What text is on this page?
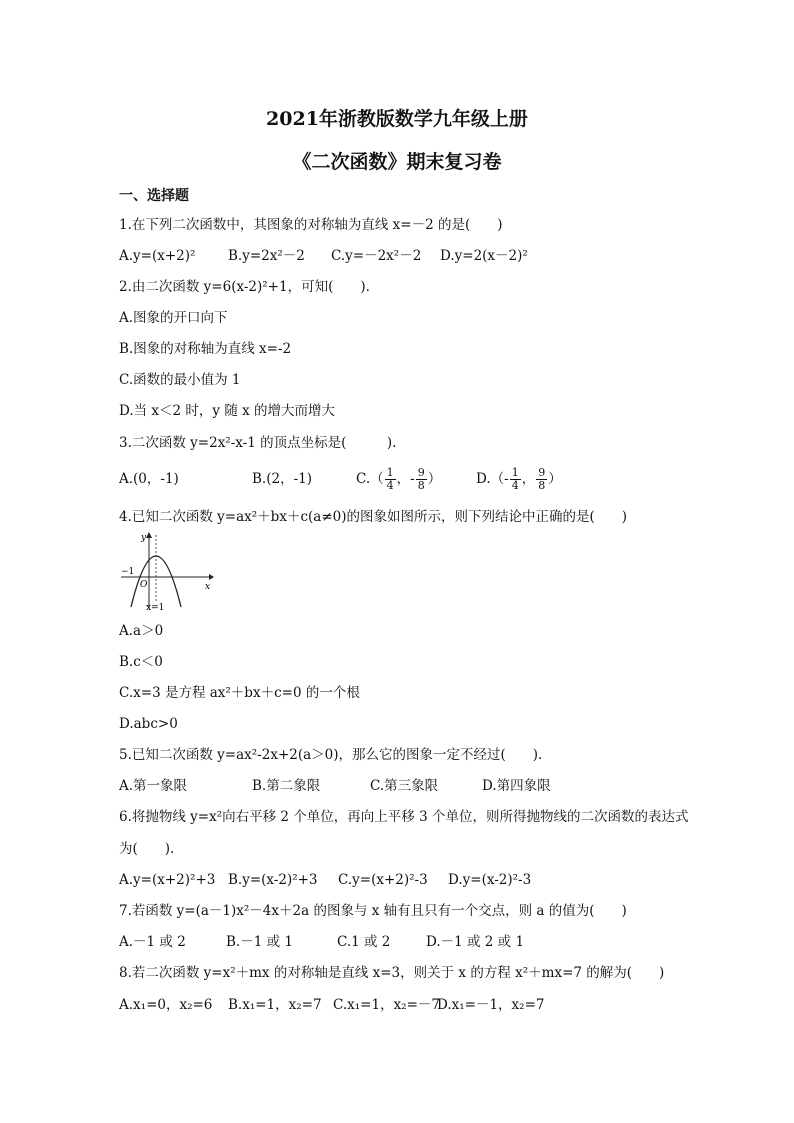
2021年浙教版数学九年级上册
《二次函数》期末复习卷
一、选择题
1.在下列二次函数中，其图象的对称轴为直线 x=－2 的是(　　)
A.y=(x+2)² B.y=2x²－2 C.y=－2x²－2 D.y=2(x－2)²
2.由二次函数 y=6(x-2)²+1，可知(　　).
A.图象的开口向下
B.图象的对称轴为直线 x=-2
C.函数的最小值为 1
D.当 x＜2 时，y 随 x 的增大而增大
3.二次函数 y=2x²-x-1 的顶点坐标是(　　　).
A.(0，-1)	B.(2，-1)	$C.( \frac{1}{4}$ ，- $\frac{9}{8}$ ）	$D.(- \frac{1}{4}$ ， $\frac{9}{8}$ ）
4.已知二次函数 y=ax²＋bx＋c(a≠0)的图象如图所示，则下列结论中正确的是(　　)
y
x
O
−1
x=1
A.a＞0
B.c＜0
C.x=3 是方程 ax²＋bx＋c=0 的一个根
D.abc>0
5.已知二次函数 y=ax²-2x+2(a＞0)，那么它的图象一定不经过(　　).
A.第一象限	B.第二象限	C.第三象限	D.第四象限
6.将抛物线 y=x²向右平移 2 个单位，再向上平移 3 个单位，则所得抛物线的二次函数的表达式
为(　　).
A.y=(x+2)²+3 B.y=(x-2)²+3 C.y=(x+2)²-3 D.y=(x-2)²-3
7.若函数 y=(a－1)x²－4x＋2a 的图象与 x 轴有且只有一个交点，则 a 的值为(　　)
A.－1 或 2	B.－1 或 1	C.1 或 2	D.－1 或 2 或 1
8.若二次函数 y=x²＋mx 的对称轴是直线 x=3，则关于 x 的方程 x²＋mx=7 的解为(　　)
A.x₁=0，x₂=6 B.x₁=1，x₂=7 C.x₁=1，x₂=－7D.x₁=－1，x₂=7
